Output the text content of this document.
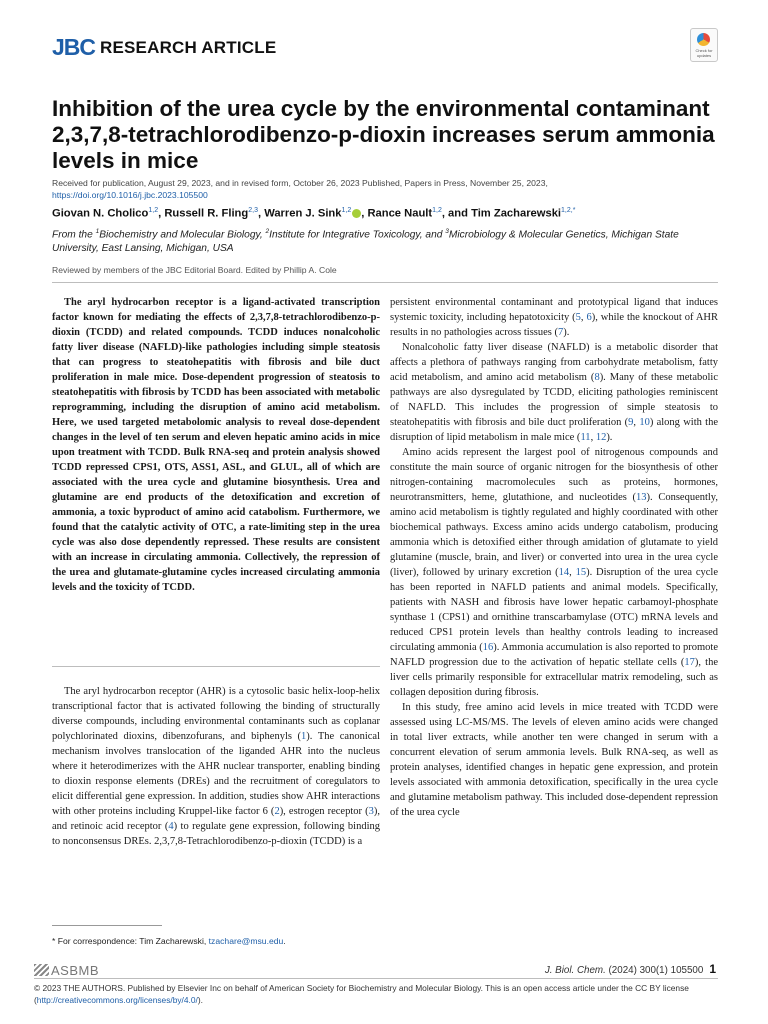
JBC RESEARCH ARTICLE	Check for updates
Inhibition of the urea cycle by the environmental contaminant 2,3,7,8-tetrachlorodibenzo-p-dioxin increases serum ammonia levels in mice
Received for publication, August 29, 2023, and in revised form, October 26, 2023 Published, Papers in Press, November 25, 2023,
https://doi.org/10.1016/j.jbc.2023.105500
Giovan N. Cholico$^{1,2}$, Russell R. Fling$^{2,3}$, Warren J. Sink$^{1,2}$ , Rance Nault$^{1,2}$, and Tim Zacharewski$^{1,2,*}$
From the $^1$Biochemistry and Molecular Biology, $^2$Institute for Integrative Toxicology, and $^3$Microbiology & Molecular Genetics, Michigan State University, East Lansing, Michigan, USA
Reviewed by members of the JBC Editorial Board. Edited by Phillip A. Cole

The aryl hydrocarbon receptor is a ligand-activated transcription factor known for mediating the effects of 2,3,7,8-tetrachlorodibenzo-p-dioxin (TCDD) and related compounds. TCDD induces nonalcoholic fatty liver disease (NAFLD)-like pathologies including simple steatosis that can progress to steatohepatitis with fibrosis and bile duct proliferation in male mice. Dose-dependent progression of steatosis to steatohepatitis with fibrosis by TCDD has been associated with metabolic reprogramming, including the disruption of amino acid metabolism. Here, we used targeted metabolomic analysis to reveal dose-dependent changes in the level of ten serum and eleven hepatic amino acids in mice upon treatment with TCDD. Bulk RNA-seq and protein analysis showed TCDD repressed CPS1, OTS, ASS1, ASL, and GLUL, all of which are associated with the urea cycle and glutamine biosynthesis. Urea and glutamine are end products of the detoxification and excretion of ammonia, a toxic byproduct of amino acid catabolism. Furthermore, we found that the catalytic activity of OTC, a rate-limiting step in the urea cycle was also dose dependently repressed. These results are consistent with an increase in circulating ammonia. Collectively, the repression of the urea and glutamate-glutamine cycles increased circulating ammonia levels and the toxicity of TCDD.

The aryl hydrocarbon receptor (AHR) is a cytosolic basic helix-loop-helix transcriptional factor that is activated following the binding of structurally diverse compounds, including environmental contaminants such as coplanar polychlorinated dioxins, dibenzofurans, and biphenyls (1). The canonical mechanism involves translocation of the liganded AHR into the nucleus where it heterodimerizes with the AHR nuclear transporter, enabling binding to dioxin response elements (DREs) and the recruitment of coregulators to elicit differential gene expression. In addition, studies show AHR interactions with other proteins including Kruppel-like factor 6 (2), estrogen receptor (3), and retinoic acid receptor (4) to regulate gene expression, following binding to nonconsensus DREs. 2,3,7,8-Tetrachlorodibenzo-p-dioxin (TCDD) is a

persistent environmental contaminant and prototypical ligand that induces systemic toxicity, including hepatotoxicity (5, 6), while the knockout of AHR results in no pathologies across tissues (7).

Nonalcoholic fatty liver disease (NAFLD) is a metabolic disorder that affects a plethora of pathways ranging from carbohydrate metabolism, fatty acid metabolism, and amino acid metabolism (8). Many of these metabolic pathways are also dysregulated by TCDD, eliciting pathologies reminiscent of NAFLD. This includes the progression of simple steatosis to steatohepatitis with fibrosis and bile duct proliferation (9, 10) along with the disruption of lipid metabolism in male mice (11, 12).

Amino acids represent the largest pool of nitrogenous compounds and constitute the main source of organic nitrogen for the biosynthesis of other nitrogen-containing macromolecules such as proteins, hormones, neurotransmitters, heme, glutathione, and nucleotides (13). Consequently, amino acid metabolism is tightly regulated and highly coordinated with other biochemical pathways. Excess amino acids undergo catabolism, producing ammonia which is detoxified either through amidation of glutamate to yield glutamine (muscle, brain, and liver) or converted into urea in the urea cycle (liver), followed by urinary excretion (14, 15). Disruption of the urea cycle has been reported in NAFLD patients and animal models. Specifically, patients with NASH and fibrosis have lower hepatic carbamoyl-phosphate synthase 1 (CPS1) and ornithine transcarbamylase (OTC) mRNA levels and reduced CPS1 protein levels than healthy controls leading to increased circulating ammonia (16). Ammonia accumulation is also reported to promote NAFLD progression due to the activation of hepatic stellate cells (17), the liver cells primarily responsible for extracellular matrix remodeling, such as collagen deposition during fibrosis.

In this study, free amino acid levels in mice treated with TCDD were assessed using LC-MS/MS. The levels of eleven amino acids were changed in total liver extracts, while another ten were changed in serum with a concurrent elevation of serum ammonia levels. Bulk RNA-seq, as well as protein analyses, identified changes in hepatic gene expression, and protein levels associated with ammonia detoxification, specifically in the urea cycle and glutamine metabolism pathway. This included dose-dependent repression of the urea cycle

* For correspondence: Tim Zacharewski, tzachare@msu.edu.
ASBMB	J. Biol. Chem. (2024) 300(1) 105500 1
© 2023 THE AUTHORS. Published by Elsevier Inc on behalf of American Society for Biochemistry and Molecular Biology. This is an open access article under the CC BY license (http://creativecommons.org/licenses/by/4.0/).
